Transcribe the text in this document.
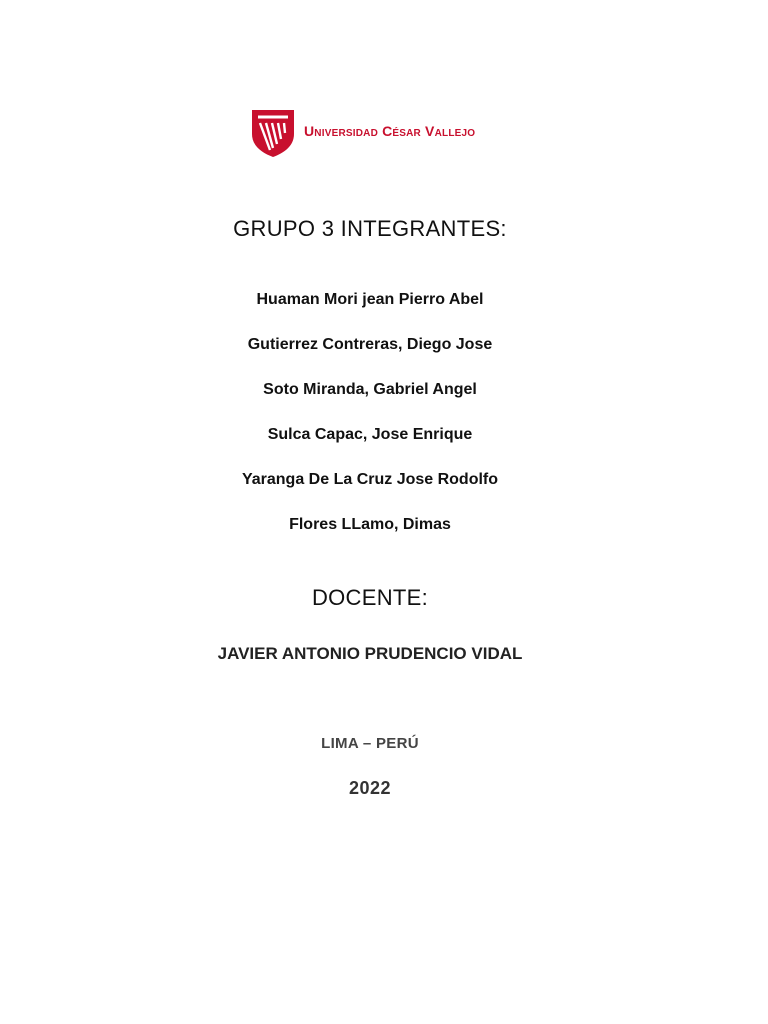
Universidad César Vallejo
GRUPO 3 INTEGRANTES:
Huaman Mori jean Pierro Abel
Gutierrez Contreras, Diego Jose
Soto Miranda, Gabriel Angel
Sulca Capac, Jose Enrique
Yaranga De La Cruz Jose Rodolfo
Flores LLamo, Dimas
DOCENTE:
JAVIER ANTONIO PRUDENCIO VIDAL
LIMA – PERÚ
2022
